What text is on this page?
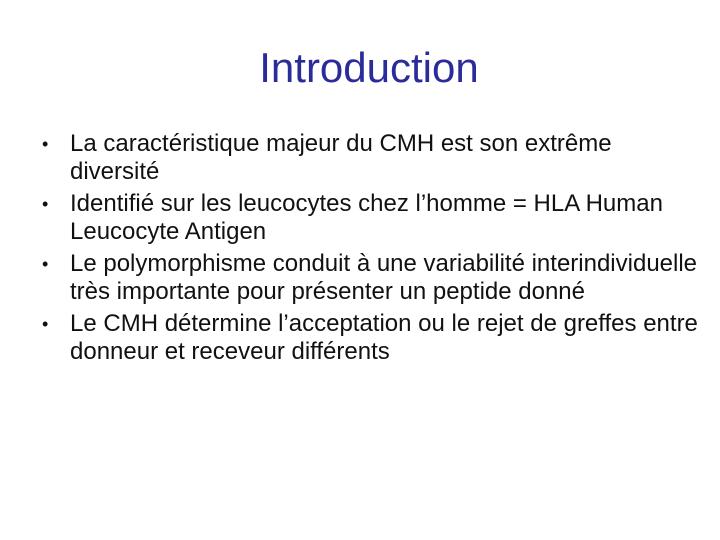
Introduction
• La caractéristique majeur du CMH est son extrême diversité
• Identifié sur les leucocytes chez l’homme = HLA Human Leucocyte Antigen
• Le polymorphisme conduit à une variabilité interindividuelle très importante pour présenter un peptide donné
• Le CMH détermine l’acceptation ou le rejet de greffes entre donneur et receveur différents
